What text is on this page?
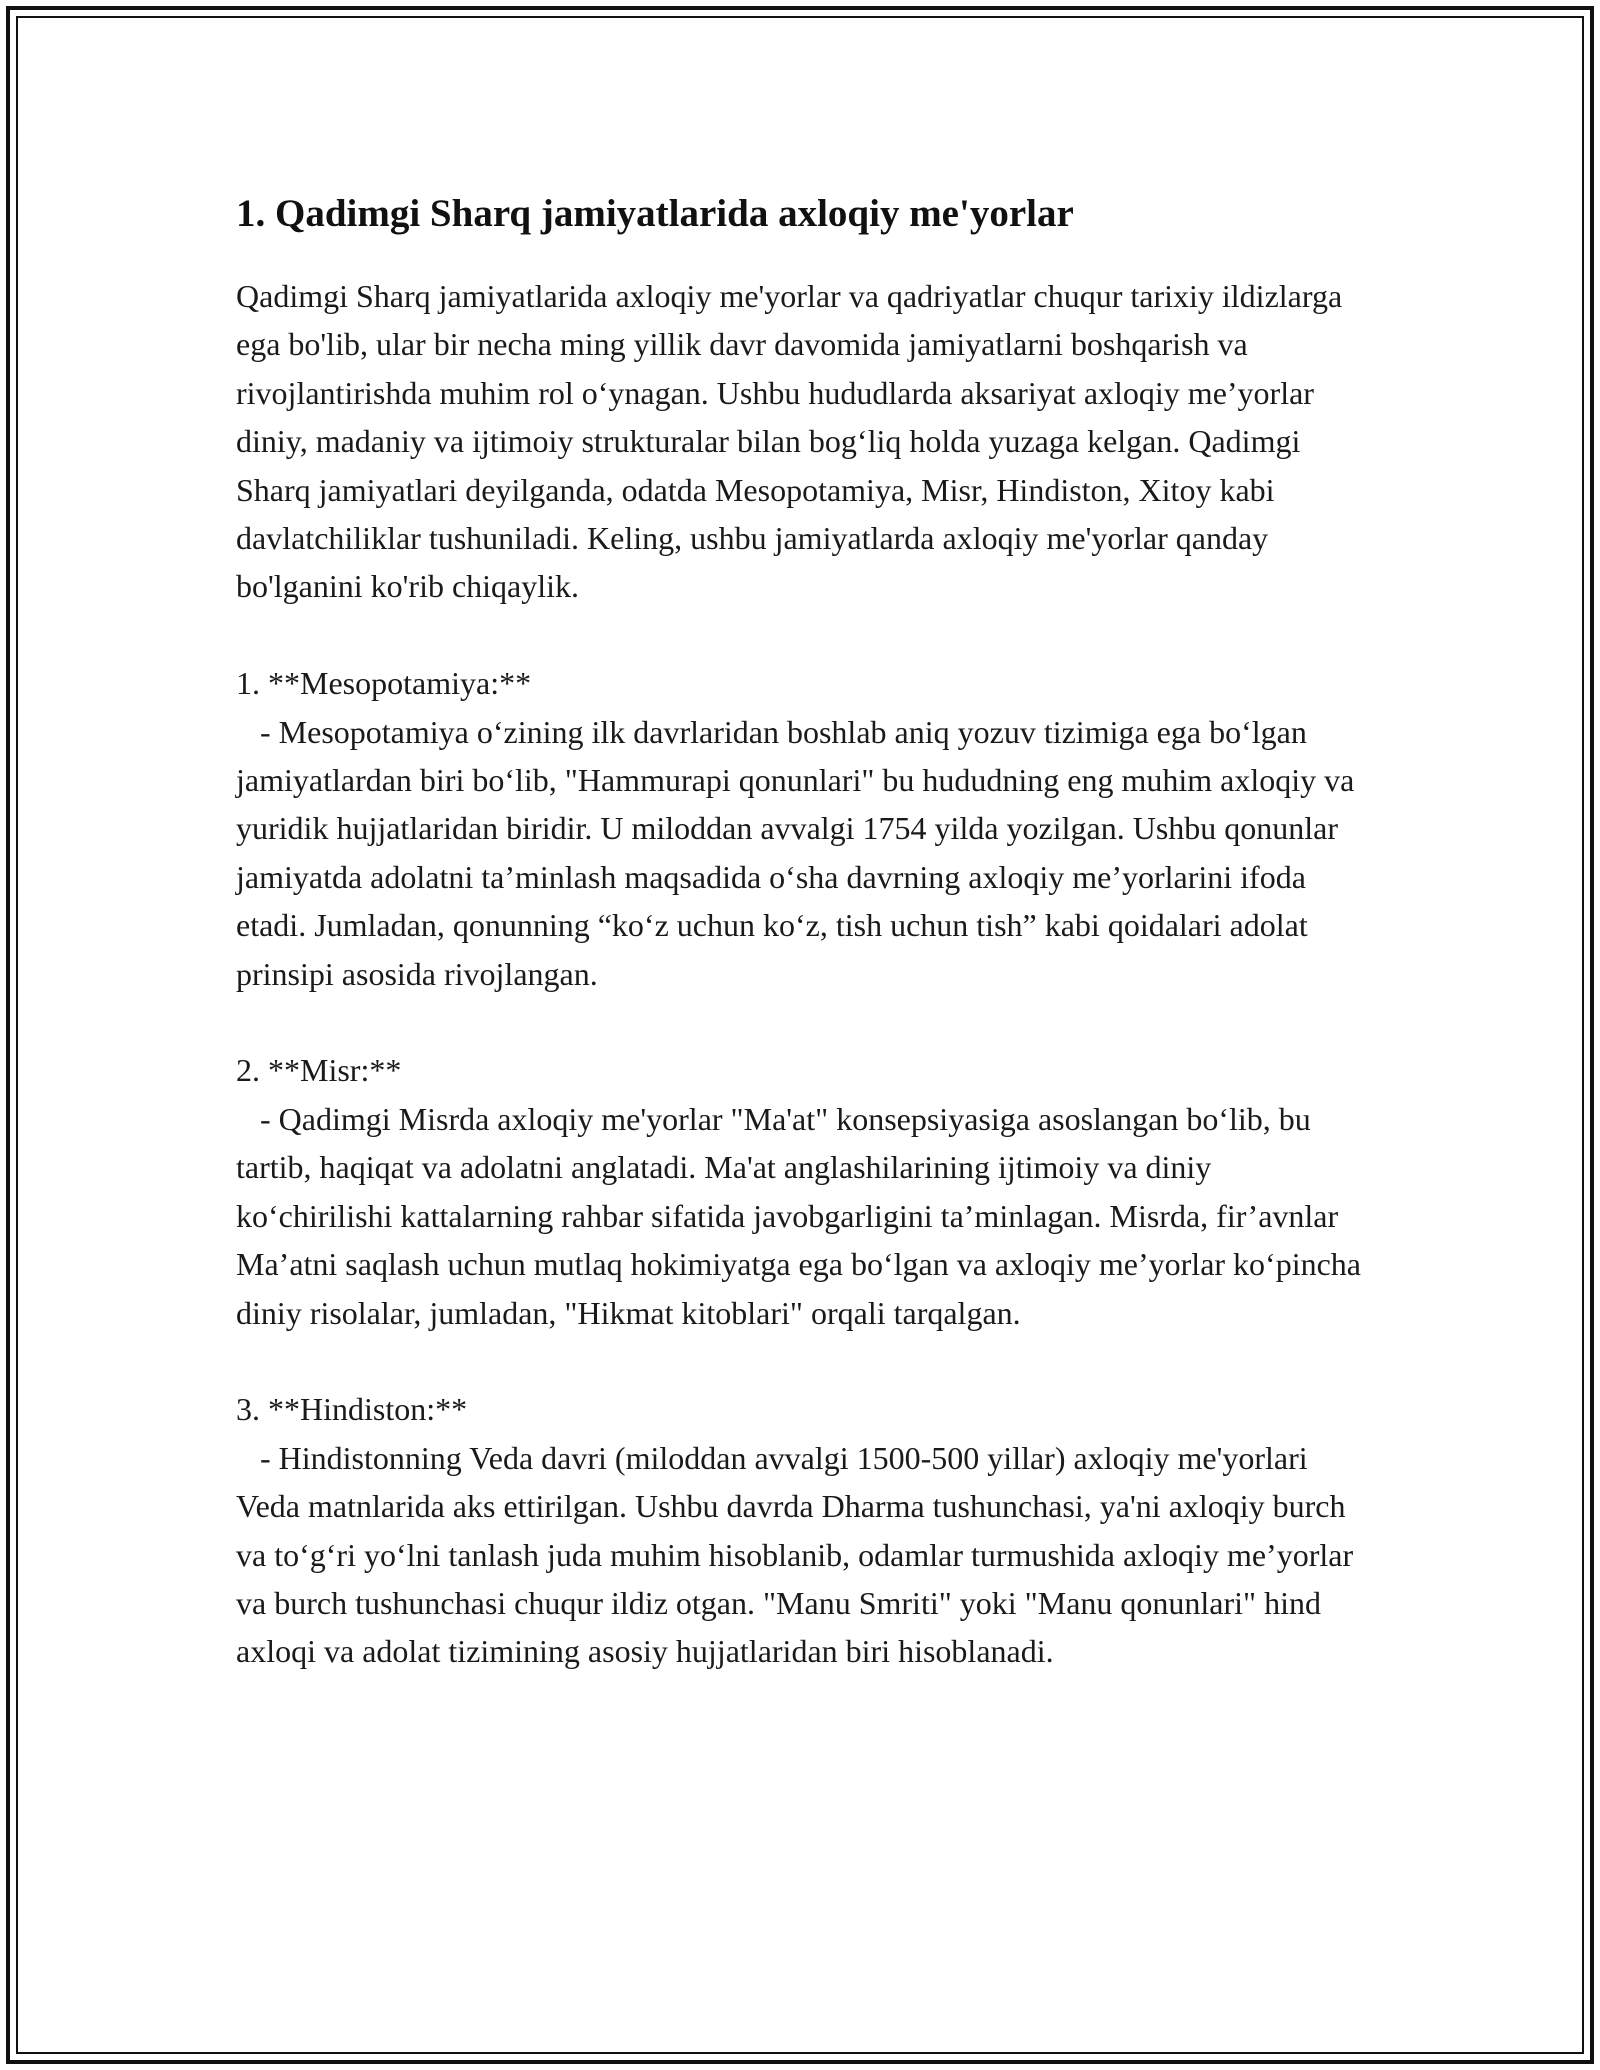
1. Qadimgi Sharq jamiyatlarida axloqiy me'yorlar

Qadimgi Sharq jamiyatlarida axloqiy me'yorlar va qadriyatlar chuqur tarixiy ildizlarga ega bo'lib, ular bir necha ming yillik davr davomida jamiyatlarni boshqarish va rivojlantirishda muhim rol o‘ynagan. Ushbu hududlarda aksariyat axloqiy me’yorlar diniy, madaniy va ijtimoiy strukturalar bilan bog‘liq holda yuzaga kelgan. Qadimgi Sharq jamiyatlari deyilganda, odatda Mesopotamiya, Misr, Hindiston, Xitoy kabi davlatchiliklar tushuniladi. Keling, ushbu jamiyatlarda axloqiy me'yorlar qanday bo'lganini ko'rib chiqaylik.

1. **Mesopotamiya:**

- Mesopotamiya o‘zining ilk davrlaridan boshlab aniq yozuv tizimiga ega bo‘lgan jamiyatlardan biri bo‘lib, "Hammurapi qonunlari" bu hududning eng muhim axloqiy va yuridik hujjatlaridan biridir. U miloddan avvalgi 1754 yilda yozilgan. Ushbu qonunlar jamiyatda adolatni ta’minlash maqsadida o‘sha davrning axloqiy me’yorlarini ifoda etadi. Jumladan, qonunning “ko‘z uchun ko‘z, tish uchun tish” kabi qoidalari adolat prinsipi asosida rivojlangan.

2. **Misr:**

- Qadimgi Misrda axloqiy me'yorlar "Ma'at" konsepsiyasiga asoslangan bo‘lib, bu tartib, haqiqat va adolatni anglatadi. Ma'at anglashilarining ijtimoiy va diniy ko‘chirilishi kattalarning rahbar sifatida javobgarligini ta’minlagan. Misrda, fir’avnlar Ma’atni saqlash uchun mutlaq hokimiyatga ega bo‘lgan va axloqiy me’yorlar ko‘pincha diniy risolalar, jumladan, "Hikmat kitoblari" orqali tarqalgan.

3. **Hindiston:**

- Hindistonning Veda davri (miloddan avvalgi 1500-500 yillar) axloqiy me'yorlari Veda matnlarida aks ettirilgan. Ushbu davrda Dharma tushunchasi, ya'ni axloqiy burch va to‘g‘ri yo‘lni tanlash juda muhim hisoblanib, odamlar turmushida axloqiy me’yorlar va burch tushunchasi chuqur ildiz otgan. "Manu Smriti" yoki "Manu qonunlari" hind axloqi va adolat tizimining asosiy hujjatlaridan biri hisoblanadi.
